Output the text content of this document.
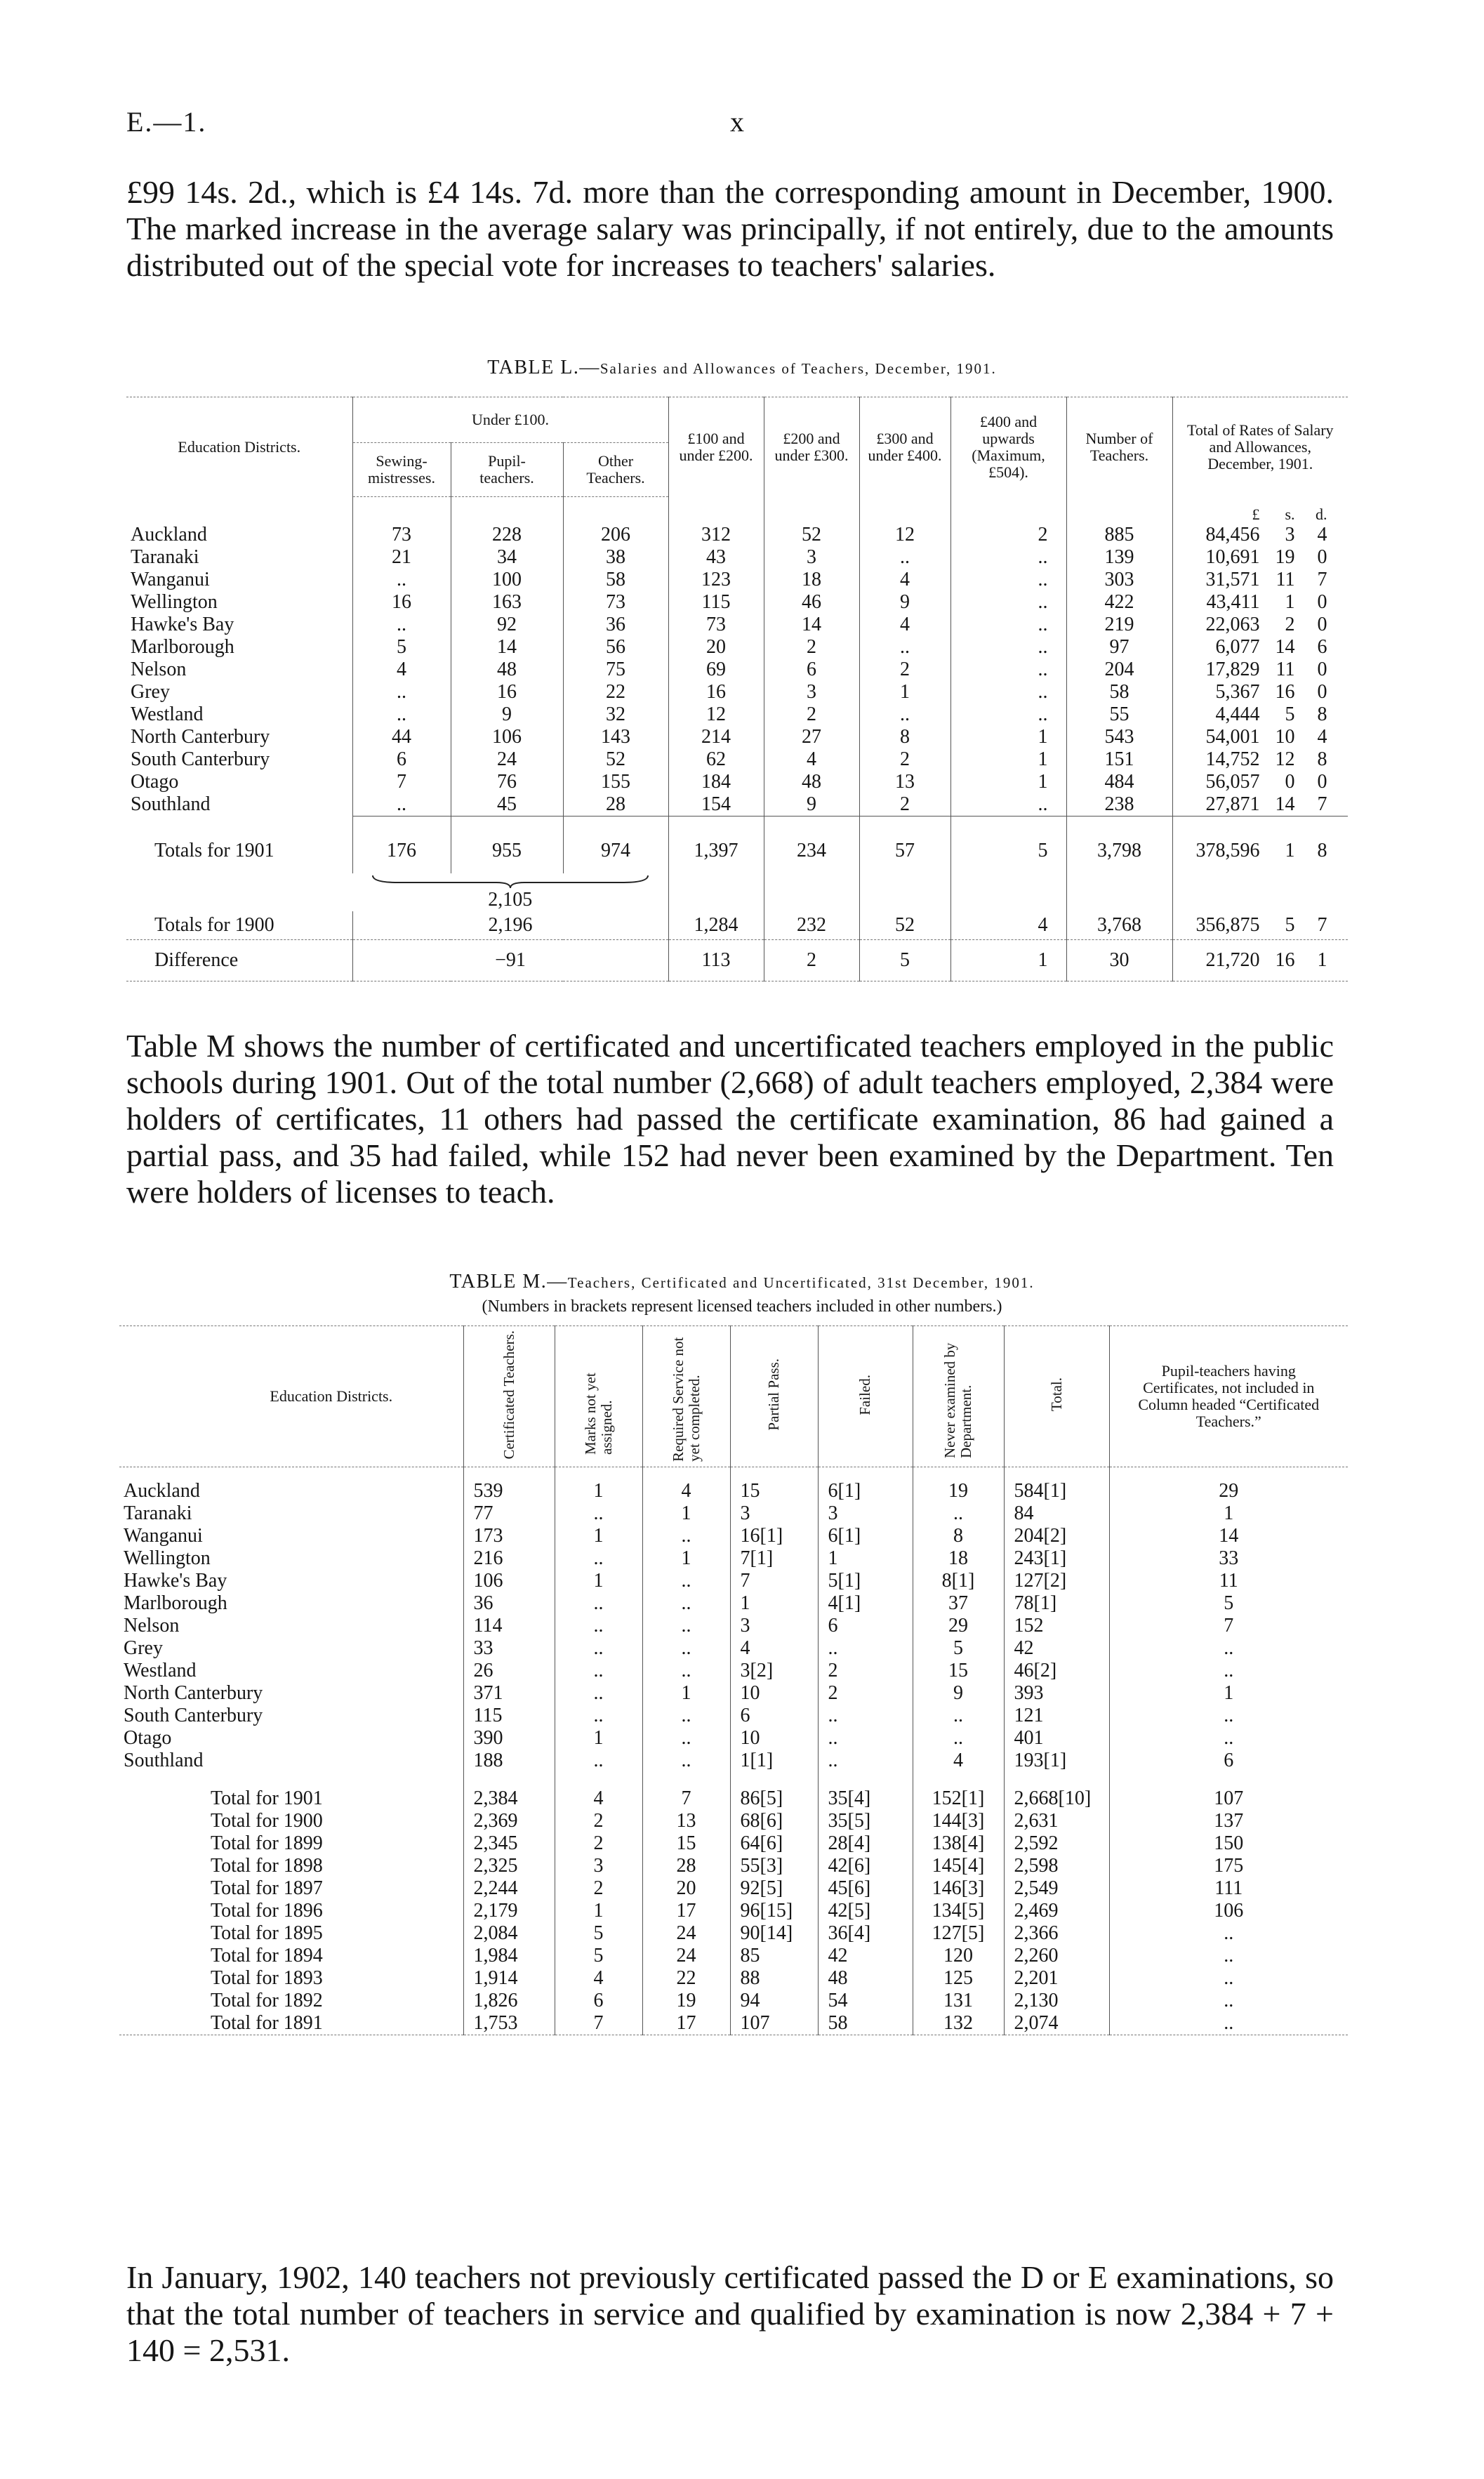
E.—1.	x
£99 14s. 2d., which is £4 14s. 7d. more than the corresponding amount in December, 1900. The marked increase in the average salary was principally, if not entirely, due to the amounts distributed out of the special vote for increases to teachers' salaries.
TABLE L.—Salaries and Allowances of Teachers, December, 1901.
Education Districts.	Under £100.			£100 and under £200.	£200 and under £300.	£300 and under £400.	£400 and upwards (Maximum, £504).	Number of Teachers.	Total of Rates of Salary and Allowances, December, 1901.

	Sewing-mistresses.	Pupil-teachers.	Other Teachers.						

									£ s. d.
Auckland	73	228	206	312	52	12	2	885	84,456 3 4
Taranaki	21	34	38	43	3	..	..	139	10,691 19 0
Wanganui	..	100	58	123	18	4	..	303	31,571 11 7
Wellington	16	163	73	115	46	9	..	422	43,411 1 0
Hawke's Bay	..	92	36	73	14	4	..	219	22,063 2 0
Marlborough	5	14	56	20	2	..	..	97	6,077 14 6
Nelson	4	48	75	69	6	2	..	204	17,829 11 0
Grey	..	16	22	16	3	1	..	58	5,367 16 0
Westland	..	9	32	12	2	..	..	55	4,444 5 8
North Canterbury	44	106	143	214	27	8	1	543	54,001 10 4
South Canterbury	6	24	52	62	4	2	1	151	14,752 12 8
Otago	7	76	155	184	48	13	1	484	56,057 0 0
Southland	..	45	28	154	9	2	..	238	27,871 14 7
Totals for 1901	176	955	974	1,397	234	57	5	3,798	378,596 1 8

	2,105								

Totals for 1900	2,196			1,284	232	52	4	3,768	356,875 5 7
Difference	−91			113	2	5	1	30	21,720 16 1
Table M shows the number of certificated and uncertificated teachers employed in the public schools during 1901. Out of the total number (2,668) of adult teachers employed, 2,384 were holders of certificates, 11 others had passed the certificate examination, 86 had gained a partial pass, and 35 had failed, while 152 had never been examined by the Department. Ten were holders of licenses to teach.
TABLE M.—Teachers, Certificated and Uncertificated, 31st December, 1901.
(Numbers in brackets represent licensed teachers included in other numbers.)
Education Districts.	Certificated Teachers.	Marks not yet assigned.	Required Service not yet completed.	Partial Pass.	Failed.	Never examined by Department.	Total.	Pupil-teachers having Certificates, not included in Column headed “Certificated Teachers.”

Auckland	539	1	4	15	6[1]	19	584[1]	29
Taranaki	77	..	1	3	3	..	84	1
Wanganui	173	1	..	16[1]	6[1]	8	204[2]	14
Wellington	216	..	1	7[1]	1	18	243[1]	33
Hawke's Bay	106	1	..	7	5[1]	8[1]	127[2]	11
Marlborough	36	..	..	1	4[1]	37	78[1]	5
Nelson	114	..	..	3	6	29	152	7
Grey	33	..	..	4	..	5	42	..
Westland	26	..	..	3[2]	2	15	46[2]	..
North Canterbury	371	..	1	10	2	9	393	1
South Canterbury	115	..	..	6	..	..	121	..
Otago	390	1	..	10	..	..	401	..
Southland	188	..	..	1[1]	..	4	193[1]	6

Total for 1901	2,384	4	7	86[5]	35[4]	152[1]	2,668[10]	107
Total for 1900	2,369	2	13	68[6]	35[5]	144[3]	2,631	137
Total for 1899	2,345	2	15	64[6]	28[4]	138[4]	2,592	150
Total for 1898	2,325	3	28	55[3]	42[6]	145[4]	2,598	175
Total for 1897	2,244	2	20	92[5]	45[6]	146[3]	2,549	111
Total for 1896	2,179	1	17	96[15]	42[5]	134[5]	2,469	106
Total for 1895	2,084	5	24	90[14]	36[4]	127[5]	2,366	..
Total for 1894	1,984	5	24	85	42	120	2,260	..
Total for 1893	1,914	4	22	88	48	125	2,201	..
Total for 1892	1,826	6	19	94	54	131	2,130	..
Total for 1891	1,753	7	17	107	58	132	2,074	..
In January, 1902, 140 teachers not previously certificated passed the D or E examinations, so that the total number of teachers in service and qualified by examination is now 2,384 + 7 + 140 = 2,531.
